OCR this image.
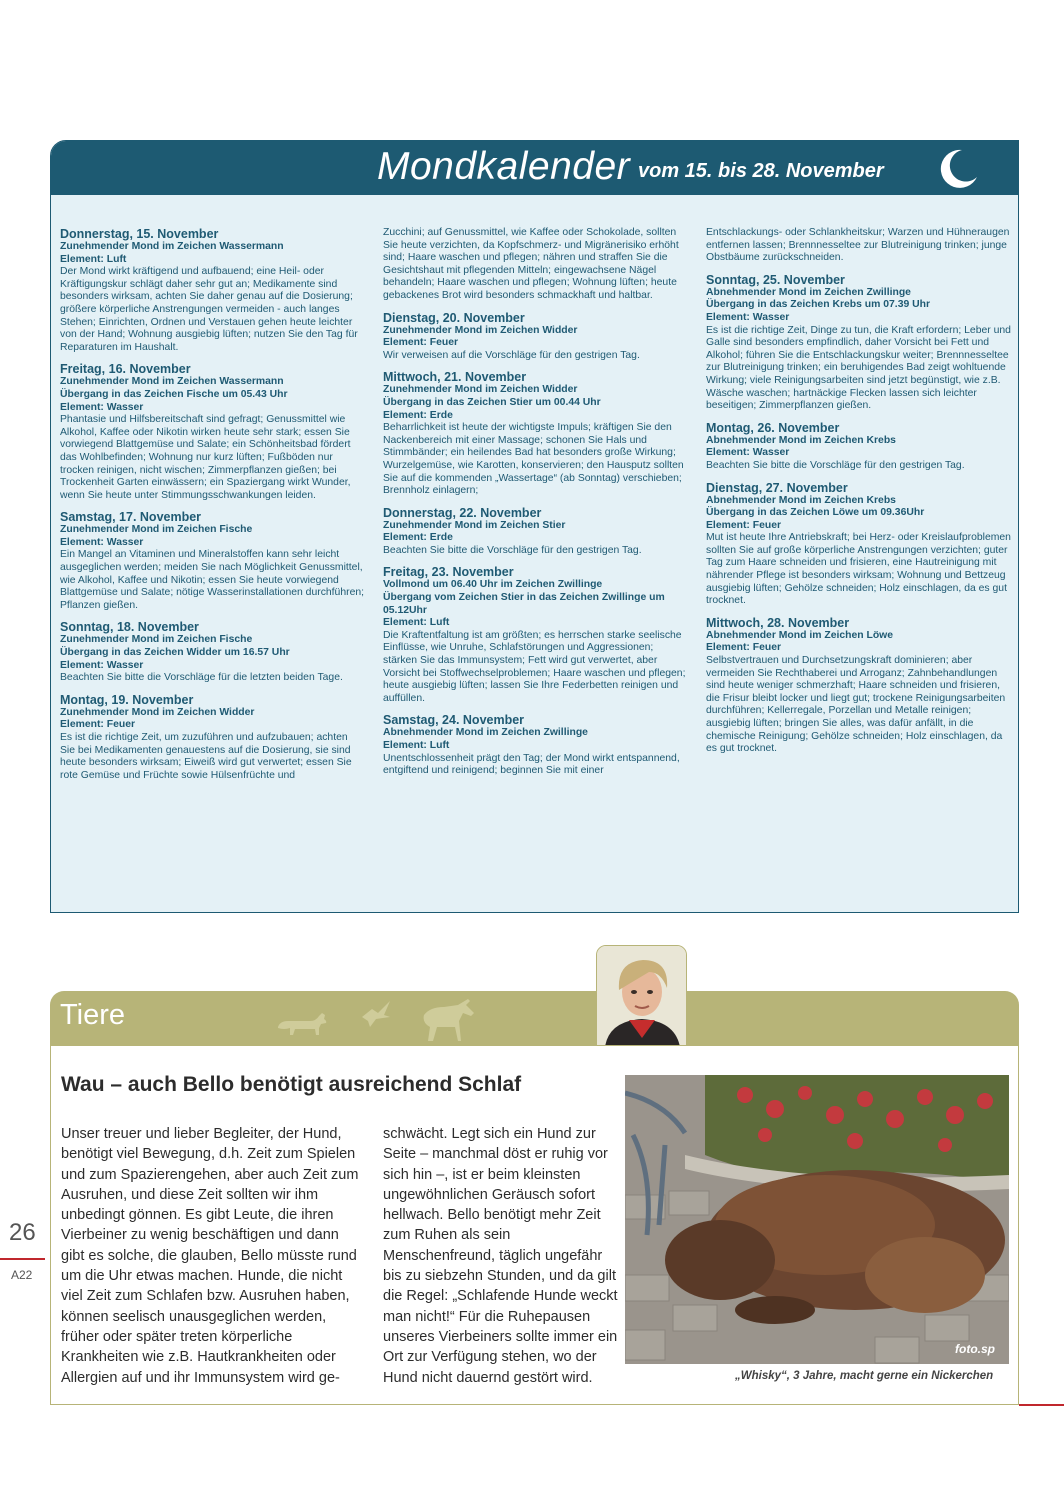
Mondkalender vom 15. bis 28. November
Donnerstag, 15. November
Zunehmender Mond im Zeichen Wassermann
Element: Luft
Der Mond wirkt kräftigend und aufbauend; eine Heil- oder Kräftigungskur schlägt daher sehr gut an; Medikamente sind besonders wirksam, achten Sie daher genau auf die Dosierung; größere körperliche Anstrengungen vermeiden - auch langes Stehen; Einrichten, Ordnen und Verstauen gehen heute leichter von der Hand; Wohnung ausgiebig lüften; nutzen Sie den Tag für Reparaturen im Haushalt.
Freitag, 16. November
Zunehmender Mond im Zeichen Wassermann
Übergang in das Zeichen Fische um 05.43 Uhr
Element: Wasser
Phantasie und Hilfsbereitschaft sind gefragt; Genussmittel wie Alkohol, Kaffee oder Nikotin wirken heute sehr stark; essen Sie vorwiegend Blattgemüse und Salate; ein Schönheitsbad fördert das Wohlbefinden; Wohnung nur kurz lüften; Fußböden nur trocken reinigen, nicht wischen; Zimmerpflanzen gießen; bei Trockenheit Garten einwässern; ein Spaziergang wirkt Wunder, wenn Sie heute unter Stimmungsschwankungen leiden.
Samstag, 17. November
Zunehmender Mond im Zeichen Fische
Element: Wasser
Ein Mangel an Vitaminen und Mineralstoffen kann sehr leicht ausgeglichen werden; meiden Sie nach Möglichkeit Genussmittel, wie Alkohol, Kaffee und Nikotin; essen Sie heute vorwiegend Blattgemüse und Salate; nötige Wasserinstallationen durchführen; Pflanzen gießen.
Sonntag, 18. November
Zunehmender Mond im Zeichen Fische
Übergang in das Zeichen Widder um 16.57 Uhr
Element: Wasser
Beachten Sie bitte die Vorschläge für die letzten beiden Tage.
Montag, 19. November
Zunehmender Mond im Zeichen Widder
Element: Feuer
Es ist die richtige Zeit, um zuzuführen und aufzubauen; achten Sie bei Medikamenten genauestens auf die Dosierung, sie sind heute besonders wirksam; Eiweiß wird gut verwertet; essen Sie rote Gemüse und Früchte sowie Hülsenfrüchte und
Zucchini; auf Genussmittel, wie Kaffee oder Schokolade, sollten Sie heute verzichten, da Kopfschmerz- und Migränerisiko erhöht sind; Haare waschen und pflegen; nähren und straffen Sie die Gesichtshaut mit pflegenden Mitteln; eingewachsene Nägel behandeln; Haare waschen und pflegen; Wohnung lüften; heute gebackenes Brot wird besonders schmackhaft und haltbar.
Dienstag, 20. November
Zunehmender Mond im Zeichen Widder
Element: Feuer
Wir verweisen auf die Vorschläge für den gestrigen Tag.
Mittwoch, 21. November
Zunehmender Mond im Zeichen Widder
Übergang in das Zeichen Stier um 00.44 Uhr
Element: Erde
Beharrlichkeit ist heute der wichtigste Impuls; kräftigen Sie den Nackenbereich mit einer Massage; schonen Sie Hals und Stimmbänder; ein heilendes Bad hat besonders große Wirkung; Wurzelgemüse, wie Karotten, konservieren; den Hausputz sollten Sie auf die kommenden „Wassertage“ (ab Sonntag) verschieben; Brennholz einlagern;
Donnerstag, 22. November
Zunehmender Mond im Zeichen Stier
Element: Erde
Beachten Sie bitte die Vorschläge für den gestrigen Tag.
Freitag, 23. November
Vollmond um 06.40 Uhr im Zeichen Zwillinge
Übergang vom Zeichen Stier in das Zeichen Zwillinge um 05.12Uhr
Element: Luft
Die Kraftentfaltung ist am größten; es herrschen starke seelische Einflüsse, wie Unruhe, Schlafstörungen und Aggressionen; stärken Sie das Immunsystem; Fett wird gut verwertet, aber Vorsicht bei Stoffwechselproblemen; Haare waschen und pflegen; heute ausgiebig lüften; lassen Sie Ihre Federbetten reinigen und auffüllen.
Samstag, 24. November
Abnehmender Mond im Zeichen Zwillinge
Element: Luft
Unentschlossenheit prägt den Tag; der Mond wirkt entspannend, entgiftend und reinigend; beginnen Sie mit einer
Entschlackungs- oder Schlankheitskur; Warzen und Hühneraugen entfernen lassen; Brennnesseltee zur Blutreinigung trinken; junge Obstbäume zurückschneiden.
Sonntag, 25. November
Abnehmender Mond im Zeichen Zwillinge
Übergang in das Zeichen Krebs um 07.39 Uhr
Element: Wasser
Es ist die richtige Zeit, Dinge zu tun, die Kraft erfordern; Leber und Galle sind besonders empfindlich, daher Vorsicht bei Fett und Alkohol; führen Sie die Entschlackungskur weiter; Brennnesseltee zur Blutreinigung trinken; ein beruhigendes Bad zeigt wohltuende Wirkung; viele Reinigungsarbeiten sind jetzt begünstigt, wie z.B. Wäsche waschen; hartnäckige Flecken lassen sich leichter beseitigen; Zimmerpflanzen gießen.
Montag, 26. November
Abnehmender Mond im Zeichen Krebs
Element: Wasser
Beachten Sie bitte die Vorschläge für den gestrigen Tag.
Dienstag, 27. November
Abnehmender Mond im Zeichen Krebs
Übergang in das Zeichen Löwe um 09.36Uhr
Element: Feuer
Mut ist heute Ihre Antriebskraft; bei Herz- oder Kreislaufproblemen sollten Sie auf große körperliche Anstrengungen verzichten; guter Tag zum Haare schneiden und frisieren, eine Hautreinigung mit nährender Pflege ist besonders wirksam; Wohnung und Bettzeug ausgiebig lüften; Gehölze schneiden; Holz einschlagen, da es gut trocknet.
Mittwoch, 28. November
Abnehmender Mond im Zeichen Löwe
Element: Feuer
Selbstvertrauen und Durchsetzungskraft dominieren; aber vermeiden Sie Rechthaberei und Arroganz; Zahnbehandlungen sind heute weniger schmerzhaft; Haare schneiden und frisieren, die Frisur bleibt locker und liegt gut; trockene Reinigungsarbeiten durchführen; Kellerregale, Porzellan und Metalle reinigen; ausgiebig lüften; bringen Sie alles, was dafür anfällt, in die chemische Reinigung; Gehölze schneiden; Holz einschlagen, da es gut trocknet.
Tiere
Wau – auch Bello benötigt ausreichend Schlaf

Unser treuer und lieber Begleiter, der Hund, benötigt viel Bewegung, d.h. Zeit zum Spielen und zum Spazierengehen, aber auch Zeit zum Ausruhen, und diese Zeit sollten wir ihm unbedingt gönnen. Es gibt Leute, die ihren Vierbeiner zu wenig beschäftigen und dann gibt es solche, die glauben, Bello müsste rund um die Uhr etwas machen. Hunde, die nicht viel Zeit zum Schlafen bzw. Ausruhen haben, können seelisch unausgeglichen werden, früher oder später treten körperliche Krankheiten wie z.B. Hautkrankheiten oder Allergien auf und ihr Immunsystem wird ge-

schwächt. Legt sich ein Hund zur Seite – manchmal döst er ruhig vor sich hin –, ist er beim kleinsten ungewöhnlichen Geräusch sofort hellwach. Bello benötigt mehr Zeit zum Ruhen als sein Menschenfreund, täglich ungefähr bis zu siebzehn Stunden, und da gilt die Regel: „Schlafende Hunde weckt man nicht!“ Für die Ruhepausen unseres Vierbeiners sollte immer ein Ort zur Verfügung stehen, wo der Hund nicht dauernd gestört wird.

foto.sp
„Whisky“, 3 Jahre, macht gerne ein Nickerchen
26
A22
